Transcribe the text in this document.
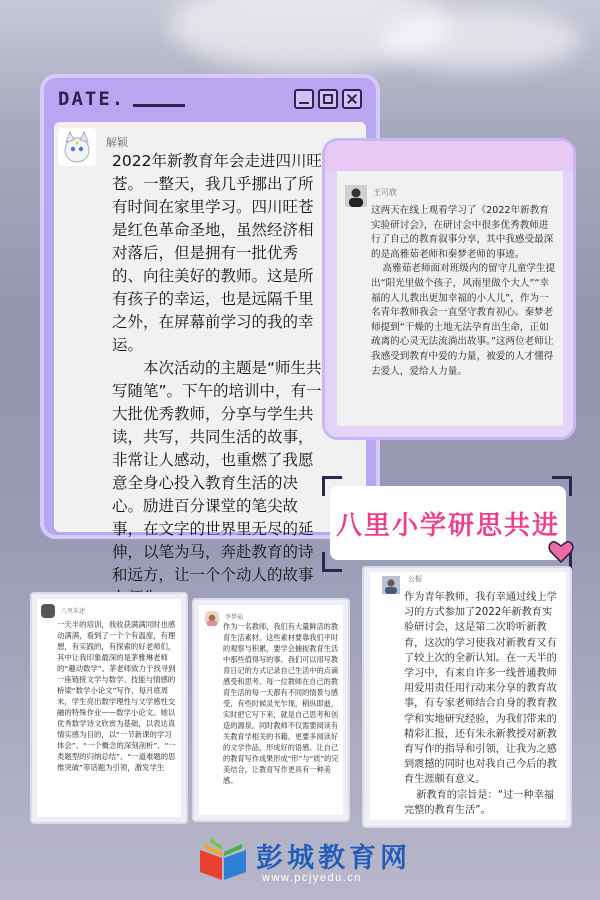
DATE.
解颖

2022年新教育年会走进四川旺苍。一整天，我几乎挪出了所有时间在家里学习。四川旺苍是红色革命圣地，虽然经济相对落后，但是拥有一批优秀的、向往美好的教师。这是所有孩子的幸运，也是远隔千里之外，在屏幕前学习的我的幸运。

本次活动的主题是“师生共写随笔”。下午的培训中，有一大批优秀教师，分享与学生共读，共写，共同生活的故事，非常让人感动，也重燃了我愿意全身心投入教育生活的决心。励进百分课堂的笔尖故事，在文字的世界里无尽的延伸，以笔为马，奔赴教育的诗和远方，让一个个动人的故事

王可欣

这两天在线上观看学习了《2022年新教育实验研讨会》，在研讨会中很多优秀教师进行了自己的教育叙事分享，其中我感受最深的是高雅茹老师和秦梦老师的事迹。

高雅茹老师面对班级内的留守儿童学生提出“阳光里做个孩子，风雨里做个大人”“幸福的人儿教出更加幸福的小人儿”，作为一名青年教师我会一直坚守教育初心。秦梦老师提到“干燥的土地无法孕育出生命，正如疏离的心灵无法流淌出故事。”这两位老师让我感受到教育中爱的力量，被爱的人才懂得去爱人，爱给人力量。

八里小学研思共进
八里朱述

一天半的培训，我收获满满同时也感动满满，看到了一个个有温度，有理想，有实践的，有探索的好老师们，其中让我印象最深的是茅雅琳老师的“趣动数学”。茅老师致力于找寻到一座链接文学与数学、技能与情感的桥梁“数学小论文”写作，每月底周末，学生亮出数学理性与文学感性交融的特殊作业——数学小论文。她以优秀数学诗文欣赏为基础，以表达真情实感为目的，以“一节新课的学习体会”、“一个概念的深刻剖析”、“一类题型的归纳总结”、“一道难题的思维突破”等话题为引领，激发学生

李梦茹

作为一名教师，我们有大量鲜活的教育生活素材。这些素材要靠我们平时的观察与积累，要学会捕捉教育生活中那些值得写的事。我们可以用写教育日记的方式记录自己生活中的点滴感受和思考。每一位教师在自己的教育生活的每一天都有不同的情景与感受，有些时候灵光乍现，稍纵即逝，实时把它写下来，就是自己思考和创造的源泉。同时教师不仅需要阅读有关教育学相关的书籍，更要多阅读好的文学作品，形成好的语感。让自己的教育写作成果形成“形”与“质”的完美结合，让教育写作更具有一种美感。

公振

作为青年教师，我有幸通过线上学习的方式参加了2022年新教育实验研讨会，这是第二次聆听新教育，这次的学习使我对新教育又有了较上次的全新认知。在一天半的学习中，有来自许多一线普通教师用爱用责任用行动来分享的教育故事，有专家老师结合自身的教育教学和实地研究经验，为我们带来的精彩汇报，还有朱永新教授对新教育写作的指导和引领，让我为之感到震撼的同时也对我自己今后的教育生涯颇有意义。

新教育的宗旨是：“过一种幸福完整的教育生活”。

彭城教育网
www.pcjyedu.cn
